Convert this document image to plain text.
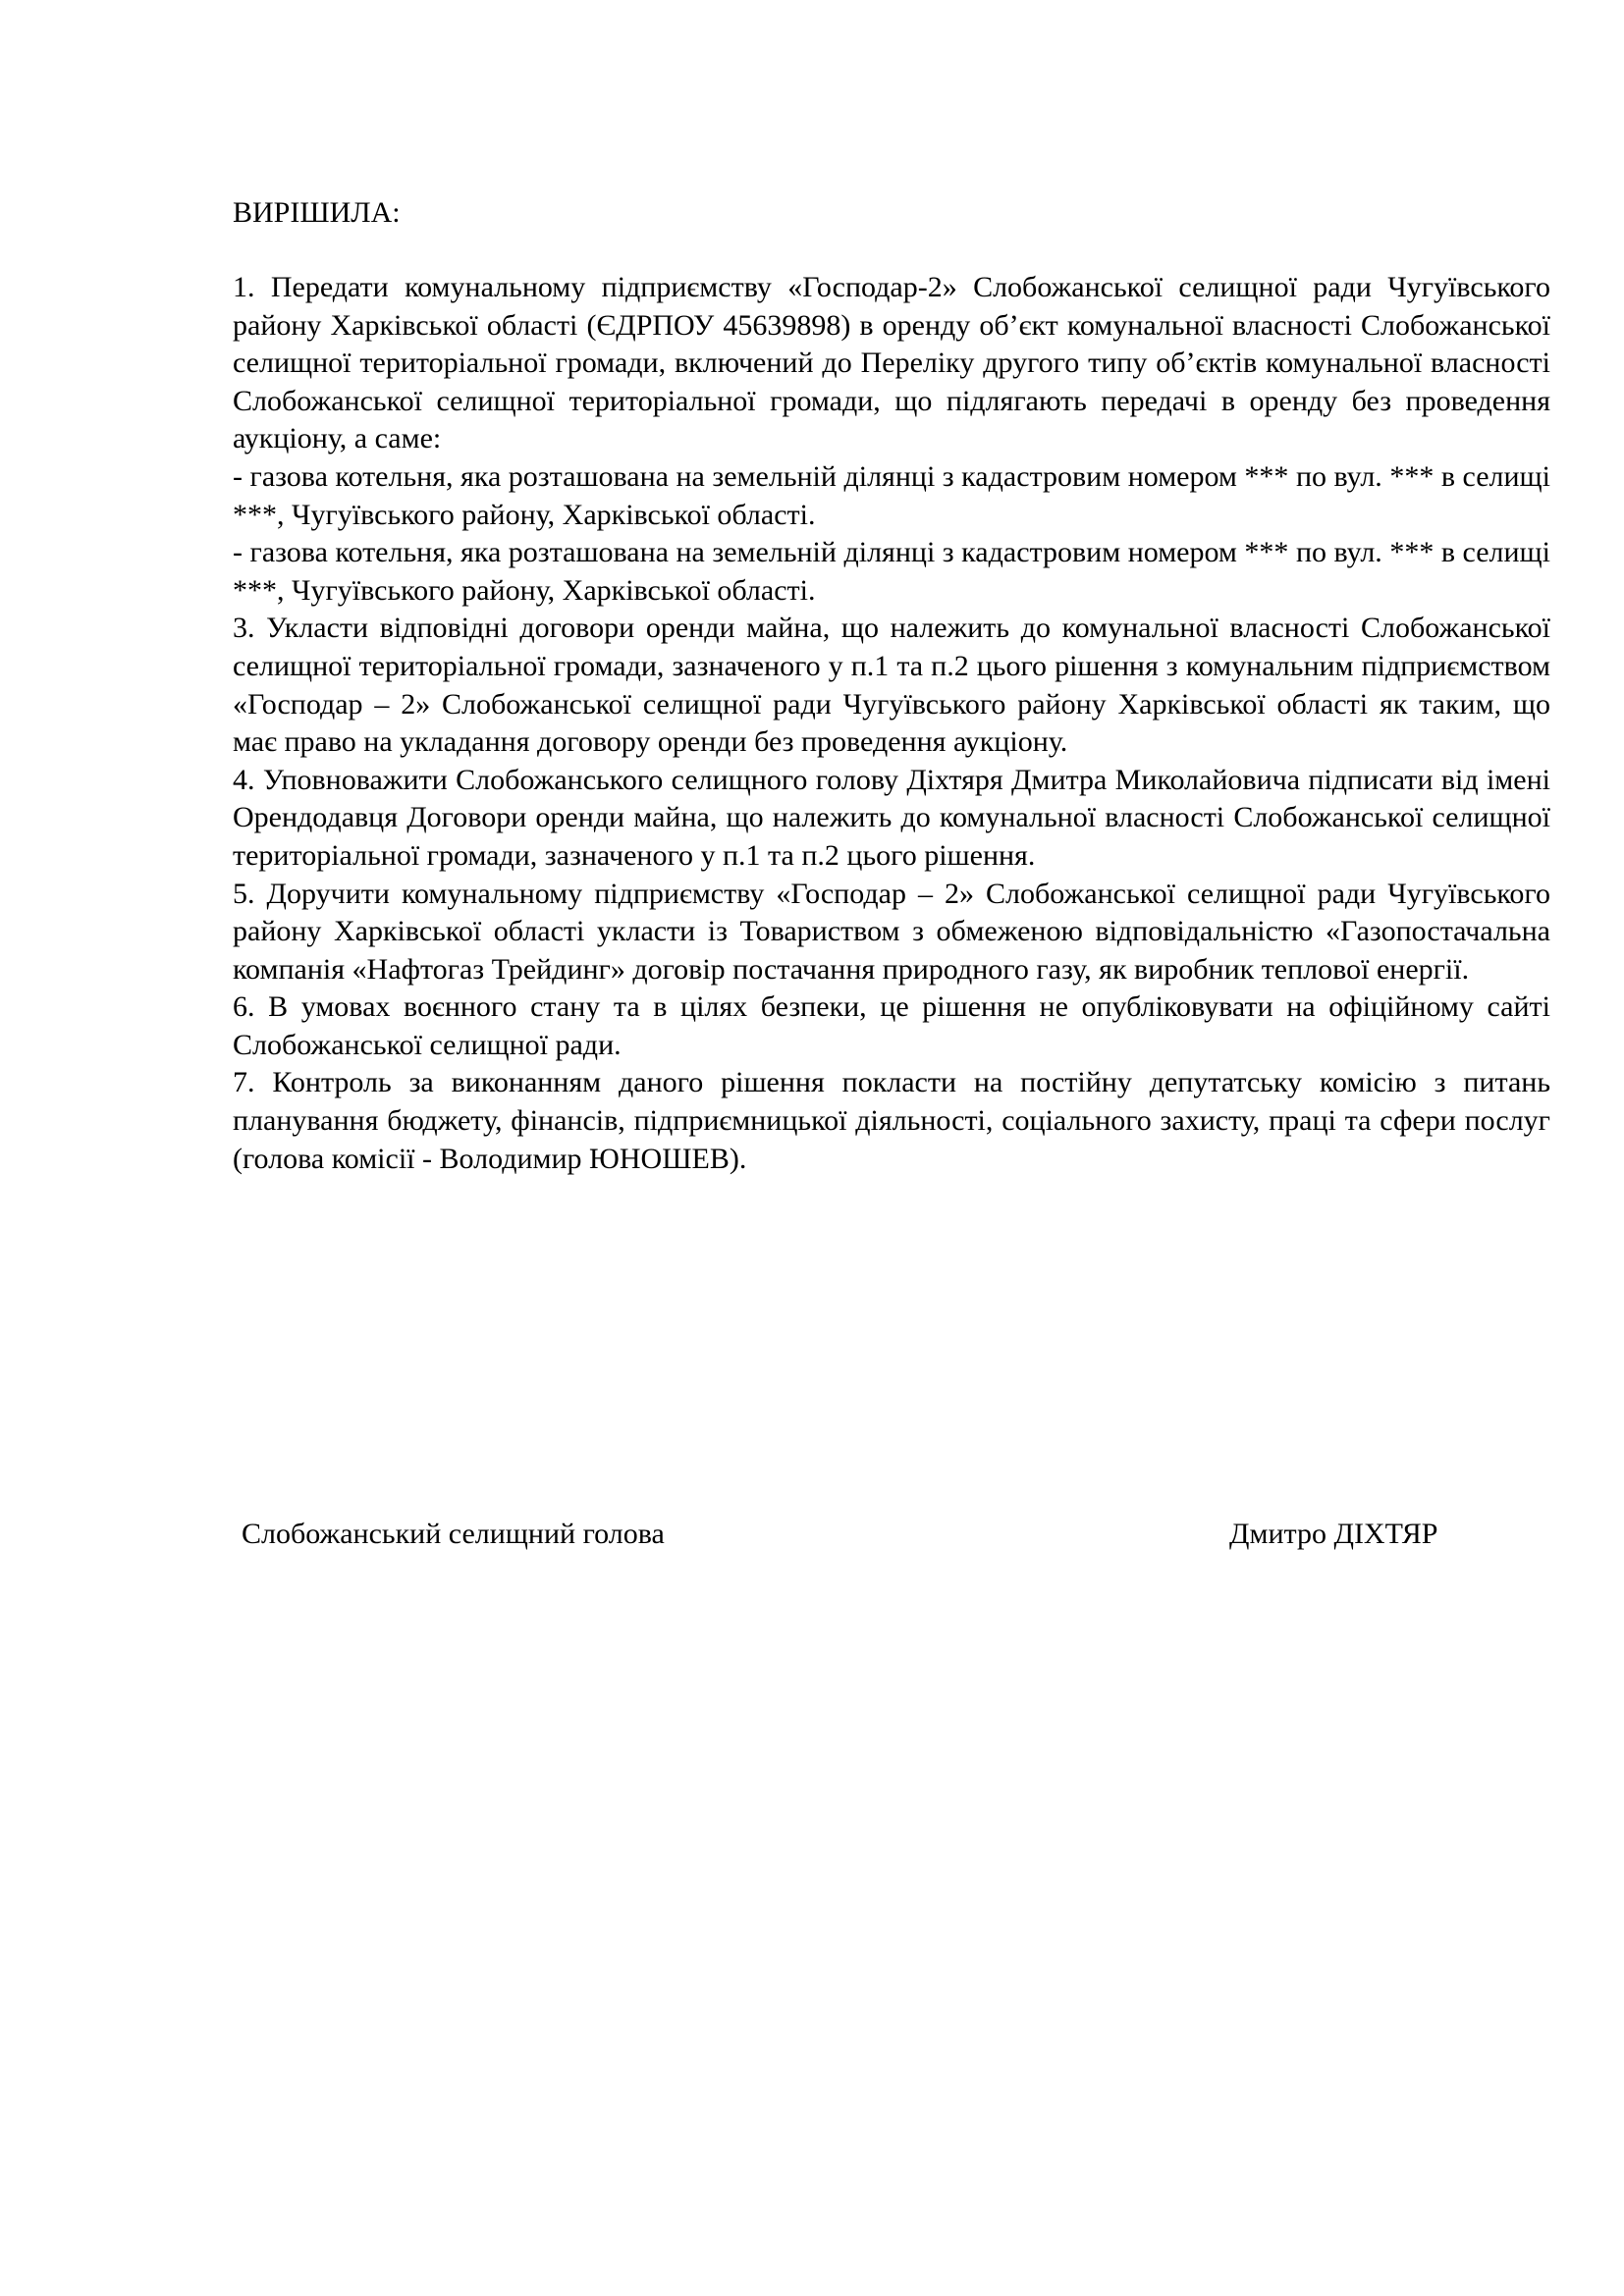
ВИРІШИЛА:

1. Передати комунальному підприємству «Господар-2» Слобожанської селищної ради Чугуївського району Харківської області (ЄДРПОУ 45639898) в оренду об’єкт комунальної власності Слобожанської селищної територіальної громади, включений до Переліку другого типу об’єктів комунальної власності Слобожанської селищної територіальної громади, що підлягають передачі в оренду без проведення аукціону, а саме:

- газова котельня, яка розташована на земельній ділянці з кадастровим номером *** по вул. *** в селищі ***, Чугуївського району, Харківської області.

- газова котельня, яка розташована на земельній ділянці з кадастровим номером *** по вул. *** в селищі ***, Чугуївського району, Харківської області.

3. Укласти відповідні договори оренди майна, що належить до комунальної власності Слобожанської селищної територіальної громади, зазначеного у п.1 та п.2 цього рішення з комунальним підприємством «Господар – 2» Слобожанської селищної ради Чугуївського району Харківської області як таким, що має право на укладання договору оренди без проведення аукціону.

4. Уповноважити Слобожанського селищного голову Діхтяря Дмитра Миколайовича підписати від імені Орендодавця Договори оренди майна, що належить до комунальної власності Слобожанської селищної територіальної громади, зазначеного у п.1 та п.2 цього рішення.

5. Доручити комунальному підприємству «Господар – 2» Слобожанської селищної ради Чугуївського району Харківської області укласти із Товариством з обмеженою відповідальністю «Газопостачальна компанія «Нафтогаз Трейдинг» договір постачання природного газу, як виробник теплової енергії.

6. В умовах воєнного стану та в цілях безпеки, це рішення не опубліковувати на офіційному сайті Слобожанської селищної ради.

7. Контроль за виконанням даного рішення покласти на постійну депутатську комісію з питань планування бюджету, фінансів, підприємницької діяльності, соціального захисту, праці та сфери послуг (голова комісії - Володимир ЮНОШЕВ).

Слобожанський селищний голова	Дмитро ДІХТЯР
